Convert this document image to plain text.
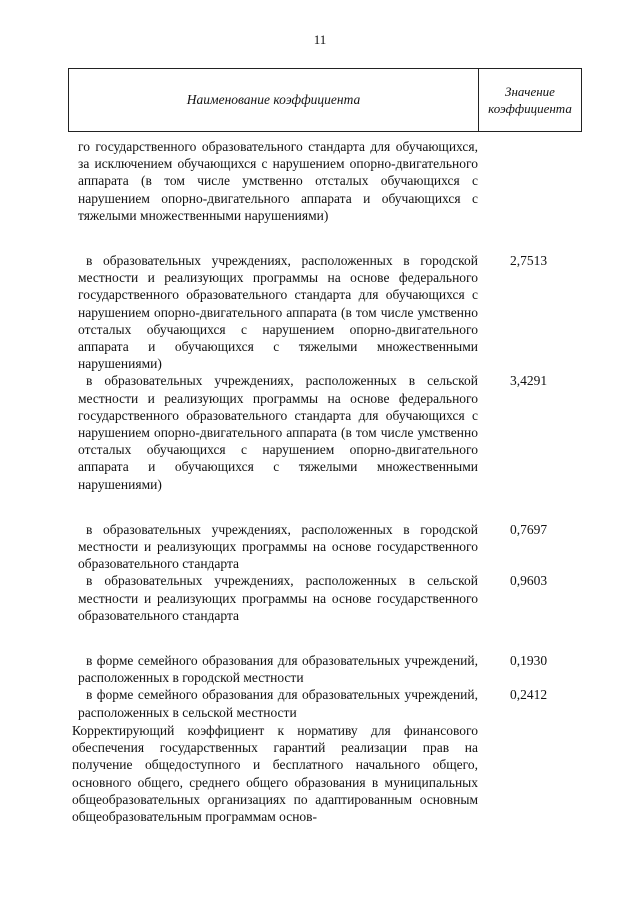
11
Наименование коэффициента
Значение
коэффициента

го государственного образовательного стандарта для обучающихся, за исключением обучающихся с нарушением опорно-двигательного аппарата (в том числе умственно отсталых обучающихся с нарушением опорно-двигательного аппарата и обучающихся с тяжелыми множественными нарушениями)

в образовательных учреждениях, расположенных в городской местности и реализующих программы на основе федерального государственного образовательного стандарта для обучающихся с нарушением опорно-двигательного аппарата (в том числе умственно отсталых обучающихся с нарушением опорно-двигательного аппарата и обучающихся с тяжелыми множественными нарушениями)

2,7513

в образовательных учреждениях, расположенных в сельской местности и реализующих программы на основе федерального государственного образовательного стандарта для обучающихся с нарушением опорно-двигательного аппарата (в том числе умственно отсталых обучающихся с нарушением опорно-двигательного аппарата и обучающихся с тяжелыми множественными нарушениями)

3,4291

в образовательных учреждениях, расположенных в городской местности и реализующих программы на основе государственного образовательного стандарта

0,7697

в образовательных учреждениях, расположенных в сельской местности и реализующих программы на основе государственного образовательного стандарта

0,9603

в форме семейного образования для образовательных учреждений, расположенных в городской местности

0,1930

в форме семейного образования для образовательных учреждений, расположенных в сельской местности

0,2412
Корректирующий коэффициент к нормативу для финансового обеспечения государственных гарантий реализации прав на получение общедоступного и бесплатного начального общего, основного общего, среднего общего образования в муниципальных общеобразовательных организациях по адаптированным основным общеобразовательным программам основ-
